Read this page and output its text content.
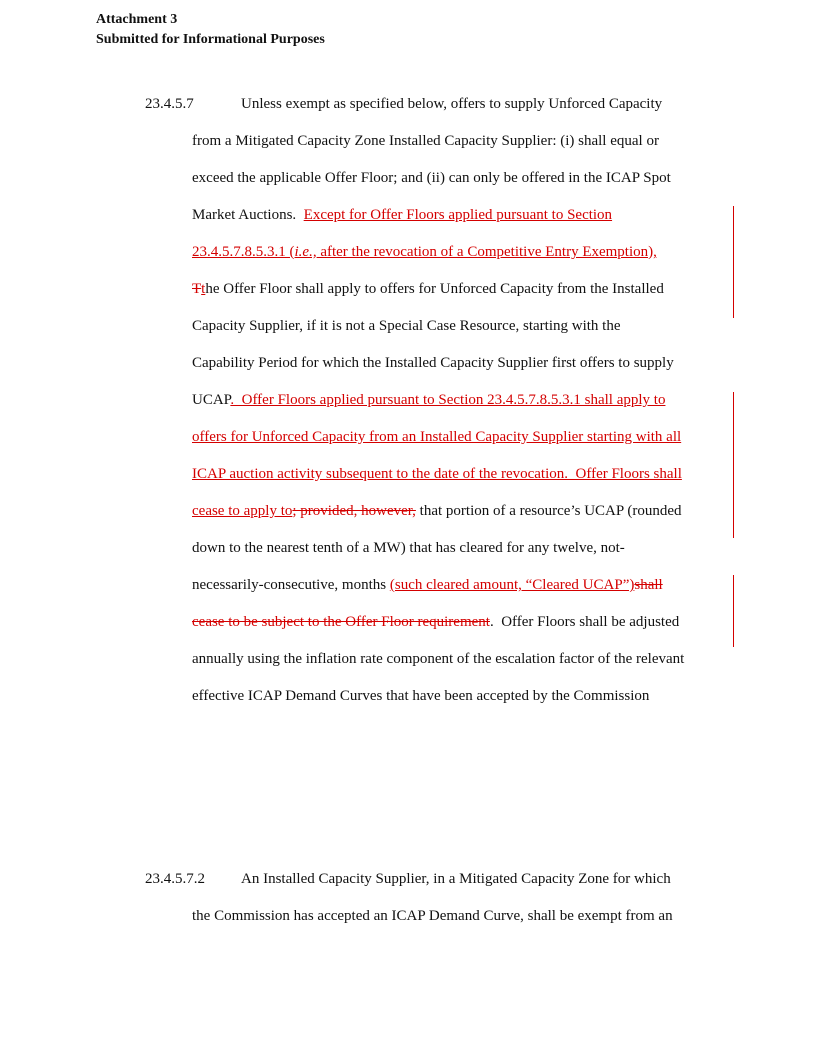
Attachment 3
Submitted for Informational Purposes
23.4.5.7	Unless exempt as specified below, offers to supply Unforced Capacity
from a Mitigated Capacity Zone Installed Capacity Supplier: (i) shall equal or
exceed the applicable Offer Floor; and (ii) can only be offered in the ICAP Spot
Market Auctions.  Except for Offer Floors applied pursuant to Section
23.4.5.7.8.5.3.1 (i.e., after the revocation of a Competitive Entry Exemption),
Tthe Offer Floor shall apply to offers for Unforced Capacity from the Installed
Capacity Supplier, if it is not a Special Case Resource, starting with the
Capability Period for which the Installed Capacity Supplier first offers to supply
UCAP.  Offer Floors applied pursuant to Section 23.4.5.7.8.5.3.1 shall apply to
offers for Unforced Capacity from an Installed Capacity Supplier starting with all
ICAP auction activity subsequent to the date of the revocation.  Offer Floors shall
cease to apply to; provided, however, that portion of a resource’s UCAP (rounded
down to the nearest tenth of a MW) that has cleared for any twelve, not-
necessarily-consecutive, months (such cleared amount, “Cleared UCAP”)shall
cease to be subject to the Offer Floor requirement.  Offer Floors shall be adjusted
annually using the inflation rate component of the escalation factor of the relevant
effective ICAP Demand Curves that have been accepted by the Commission
23.4.5.7.2 An Installed Capacity Supplier, in a Mitigated Capacity Zone for which
the Commission has accepted an ICAP Demand Curve, shall be exempt from an
